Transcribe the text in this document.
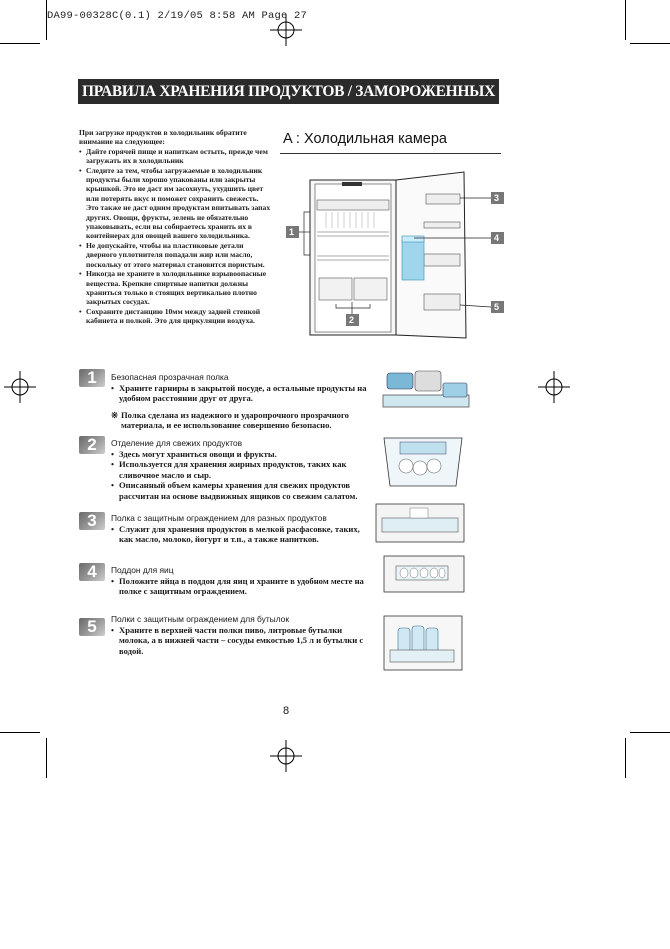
DA99-00328C(0.1) 2/19/05 8:58 AM Page 27
ПРАВИЛА ХРАНЕНИЯ ПРОДУКТОВ / ЗАМОРОЖЕННЫХ ПРОДУКТОВ
При загрузке продуктов в холодильник обратите внимание на следующее:
• Дайте горячей пище и напиткам остыть, прежде чем загружать их в холодильник
• Следите за тем, чтобы загружаемые в холодильник продукты были хорошо упакованы или закрыты крышкой. Это не даст им засохнуть, ухудшить цвет или потерять вкус и поможет сохранить свежесть. Это также не даст одним продуктам впитывать запах других. Овощи, фрукты, зелень не обязательно упаковывать, если вы собираетесь хранить их в контейнерах для овощей вашего холодильника.
• Не допускайте, чтобы на пластиковые детали дверного уплотнителя попадали жир или масло, поскольку от этого материал становится пористым.
• Никогда не храните в холодильнике взрывоопасные вещества. Крепкие спиртные напитки должны храниться только в стоящих вертикально плотно закрытых сосудах.
• Сохраните дистанцию 10мм между задней стенкой кабинета и полкой. Это для циркуляции воздуха.
A : Холодильная камера
1
2
3
4
5
1	Безопасная прозрачная полка
• Храните гарниры в закрытой посуде, а остальные продукты на удобном расстоянии друг от друга.
※ Полка сделана из надежного и ударопрочного прозрачного материала, и ее использование совершенно безопасно.
2	Отделение для свежих продуктов
• Здесь могут храниться овощи и фрукты.
• Используется для хранения жирных продуктов, таких как сливочное масло и сыр.
• Описанный объем камеры хранения для свежих продуктов рассчитан на основе выдвижных ящиков со свежим салатом.
3	Полка с защитным ограждением для разных продуктов
• Служит для хранения продуктов в мелкой расфасовке, таких, как масло, молоко, йогурт и т.п., а также напитков.
4	Поддон для яиц
• Положите яйца в поддон для яиц и храните в удобном месте на полке с защитным ограждением.
5	Полки с защитным ограждением для бутылок
• Храните в верхней части полки пиво, литровые бутылки молока, а в нижней части – сосуды емкостью 1,5 л и бутылки с водой.
8
